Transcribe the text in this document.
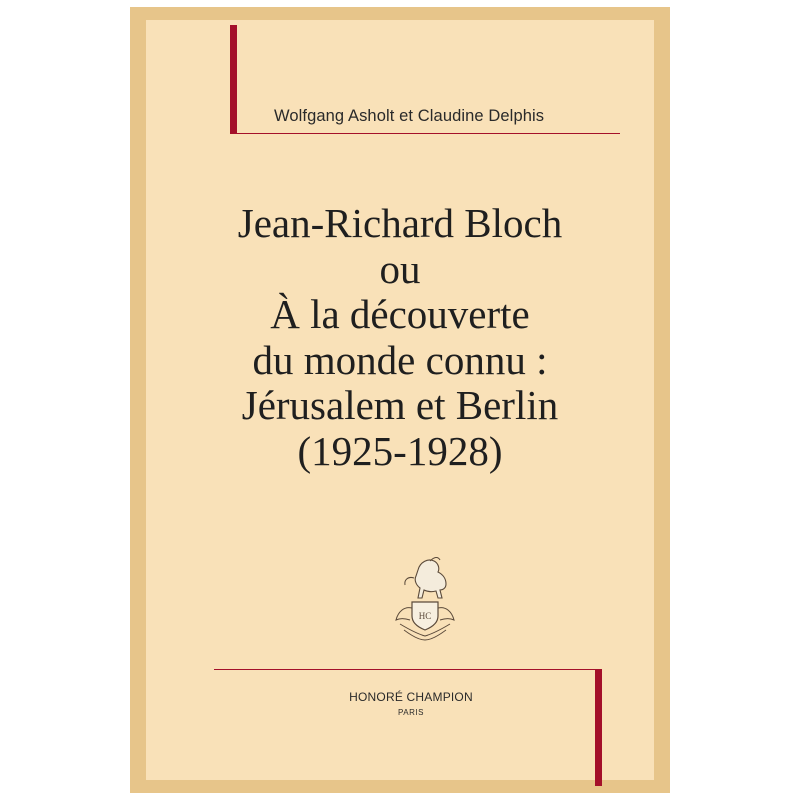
Wolfgang Asholt et Claudine Delphis
Jean-Richard Bloch
ou
À la découverte
du monde connu :
Jérusalem et Berlin
(1925-1928)
HC
HONORÉ CHAMPION
PARIS
